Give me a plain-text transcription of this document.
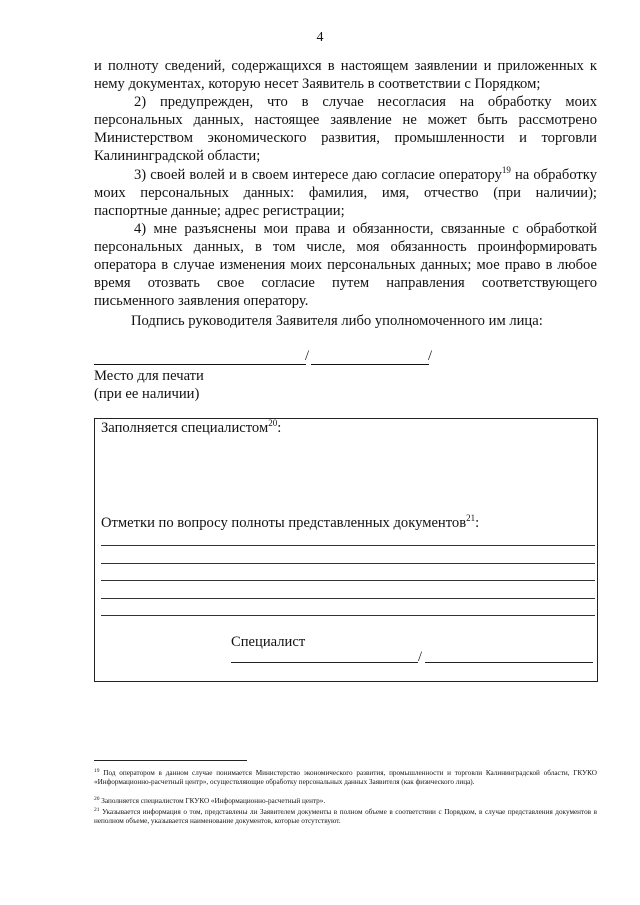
4

и полноту сведений, содержащихся в настоящем заявлении и приложенных к нему документах, которую несет Заявитель в соответствии с Порядком;

2) предупрежден, что в случае несогласия на обработку моих персональных данных, настоящее заявление не может быть рассмотрено Министерством экономического развития, промышленности и торговли Калининградской области;

3) своей волей и в своем интересе даю согласие оператору$^{19}$ на обработку моих персональных данных: фамилия, имя, отчество (при наличии); паспортные данные; адрес регистрации;

4) мне разъяснены мои права и обязанности, связанные с обработкой персональных данных, в том числе, моя обязанность проинформировать оператора в случае изменения моих персональных данных; мое право в любое время отозвать свое согласие путем направления соответствующего письменного заявления оператору.

Подпись руководителя Заявителя либо уполномоченного им лица:
/	/
Место для печати
(при ее наличии)
Заполняется специалистом$^{20}$:
Отметки по вопросу полноты представленных документов$^{21}$:
Специалист
/
$^{19}$ Под оператором в данном случае понимается Министерство экономического развития, промышленности и торговли Калининградской области, ГКУКО «Информационно-расчетный центр», осуществляющие обработку персональных данных Заявителя (как физического лица).
$^{20}$ Заполняется специалистом ГКУКО «Информационно-расчетный центр».
$^{21}$ Указывается информация о том, представлены ли Заявителем документы в полном объеме в соответствии с Порядком, в случае представления документов в неполном объеме, указывается наименование документов, которые отсутствуют.
